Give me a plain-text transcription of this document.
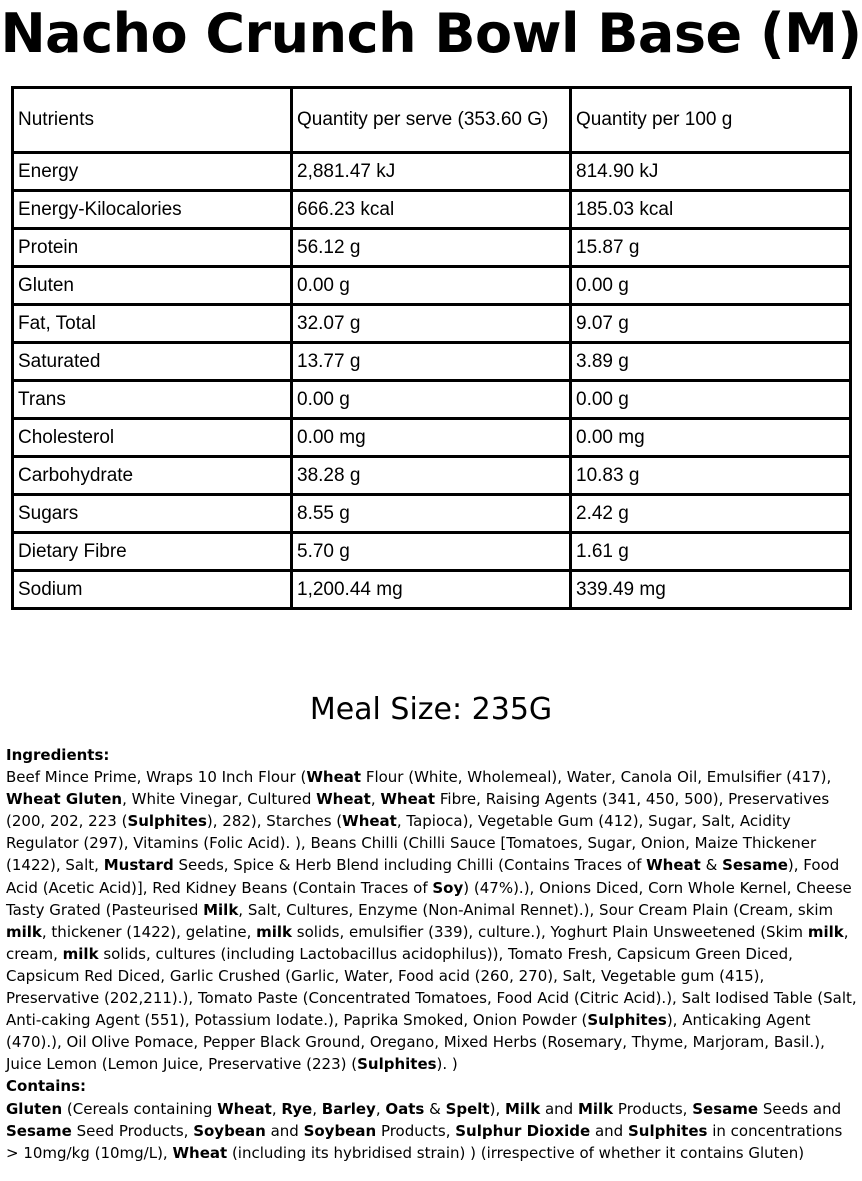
Nacho Crunch Bowl Base (M)
Nutrients	Quantity per serve (353.60 G)	Quantity per 100 g
Energy	2,881.47 kJ	814.90 kJ
Energy-Kilocalories	666.23 kcal	185.03 kcal
Protein	56.12 g	15.87 g
Gluten	0.00 g	0.00 g
Fat, Total	32.07 g	9.07 g
Saturated	13.77 g	3.89 g
Trans	0.00 g	0.00 g
Cholesterol	0.00 mg	0.00 mg
Carbohydrate	38.28 g	10.83 g
Sugars	8.55 g	2.42 g
Dietary Fibre	5.70 g	1.61 g
Sodium	1,200.44 mg	339.49 mg
Meal Size: 235G

Ingredients:

Beef Mince Prime, Wraps 10 Inch Flour (Wheat Flour (White, Wholemeal), Water, Canola Oil, Emulsifier (417), Wheat Gluten, White Vinegar, Cultured Wheat, Wheat Fibre, Raising Agents (341, 450, 500), Preservatives (200, 202, 223 (Sulphites), 282), Starches (Wheat, Tapioca), Vegetable Gum (412), Sugar, Salt, Acidity Regulator (297), Vitamins (Folic Acid). ), Beans Chilli (Chilli Sauce [Tomatoes, Sugar, Onion, Maize Thickener (1422), Salt, Mustard Seeds, Spice & Herb Blend including Chilli (Contains Traces of Wheat & Sesame), Food Acid (Acetic Acid)], Red Kidney Beans (Contain Traces of Soy) (47%).), Onions Diced, Corn Whole Kernel, Cheese Tasty Grated (Pasteurised Milk, Salt, Cultures, Enzyme (Non-Animal Rennet).), Sour Cream Plain (Cream, skim milk, thickener (1422), gelatine, milk solids, emulsifier (339), culture.), Yoghurt Plain Unsweetened (Skim milk, cream, milk solids, cultures (including Lactobacillus acidophilus)), Tomato Fresh, Capsicum Green Diced, Capsicum Red Diced, Garlic Crushed (Garlic, Water, Food acid (260, 270), Salt, Vegetable gum (415), Preservative (202,211).), Tomato Paste (Concentrated Tomatoes, Food Acid (Citric Acid).), Salt Iodised Table (Salt, Anti-caking Agent (551), Potassium Iodate.), Paprika Smoked, Onion Powder (Sulphites), Anticaking Agent (470).), Oil Olive Pomace, Pepper Black Ground, Oregano, Mixed Herbs (Rosemary, Thyme, Marjoram, Basil.), Juice Lemon (Lemon Juice, Preservative (223) (Sulphites). )

Contains:

Gluten (Cereals containing Wheat, Rye, Barley, Oats & Spelt), Milk and Milk Products, Sesame Seeds and Sesame Seed Products, Soybean and Soybean Products, Sulphur Dioxide and Sulphites in concentrations > 10mg/kg (10mg/L), Wheat (including its hybridised strain) ) (irrespective of whether it contains Gluten)
